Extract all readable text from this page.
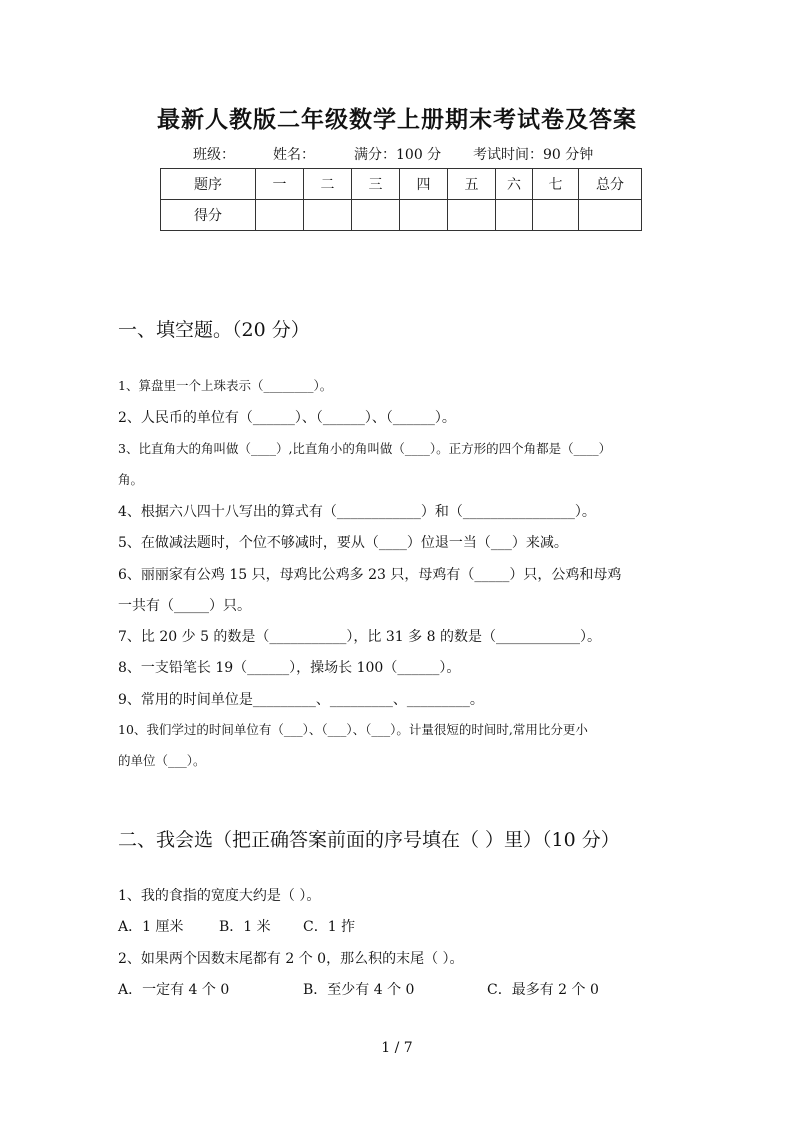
最新人教版二年级数学上册期末考试卷及答案
班级：	姓名：	满分：100 分 考试时间：90 分钟
题序	一	二	三	四	五	六	七	总分
得分								
一、填空题。（20 分）
1、算盘里一个上珠表示（________）。
2、人民币的单位有（______）、（______）、（______）。
3、比直角大的角叫做（____）,比直角小的角叫做（____）。正方形的四个角都是（____）
角。
4、根据六八四十八写出的算式有（____________）和（________________）。
5、在做减法题时，个位不够减时，要从（____）位退一当（___）来减。
6、丽丽家有公鸡 15 只，母鸡比公鸡多 23 只，母鸡有（_____）只，公鸡和母鸡
一共有（_____）只。
7、比 20 少 5 的数是（___________），比 31 多 8 的数是（____________）。
8、一支铅笔长 19（______），操场长 100（______）。
9、常用的时间单位是_________、_________、_________。
10、我们学过的时间单位有（___）、（___）、（___）。计量很短的时间时,常用比分更小
的单位（___）。
二、我会选（把正确答案前面的序号填在（ ）里）（10 分）
1、我的食指的宽度大约是（ ）。
A．1 厘米	B．1 米 C．1 拃
2、如果两个因数末尾都有 2 个 0，那么积的末尾（ ）。
A．一定有 4 个 0	B．至少有 4 个 0	C．最多有 2 个 0
1 / 7
